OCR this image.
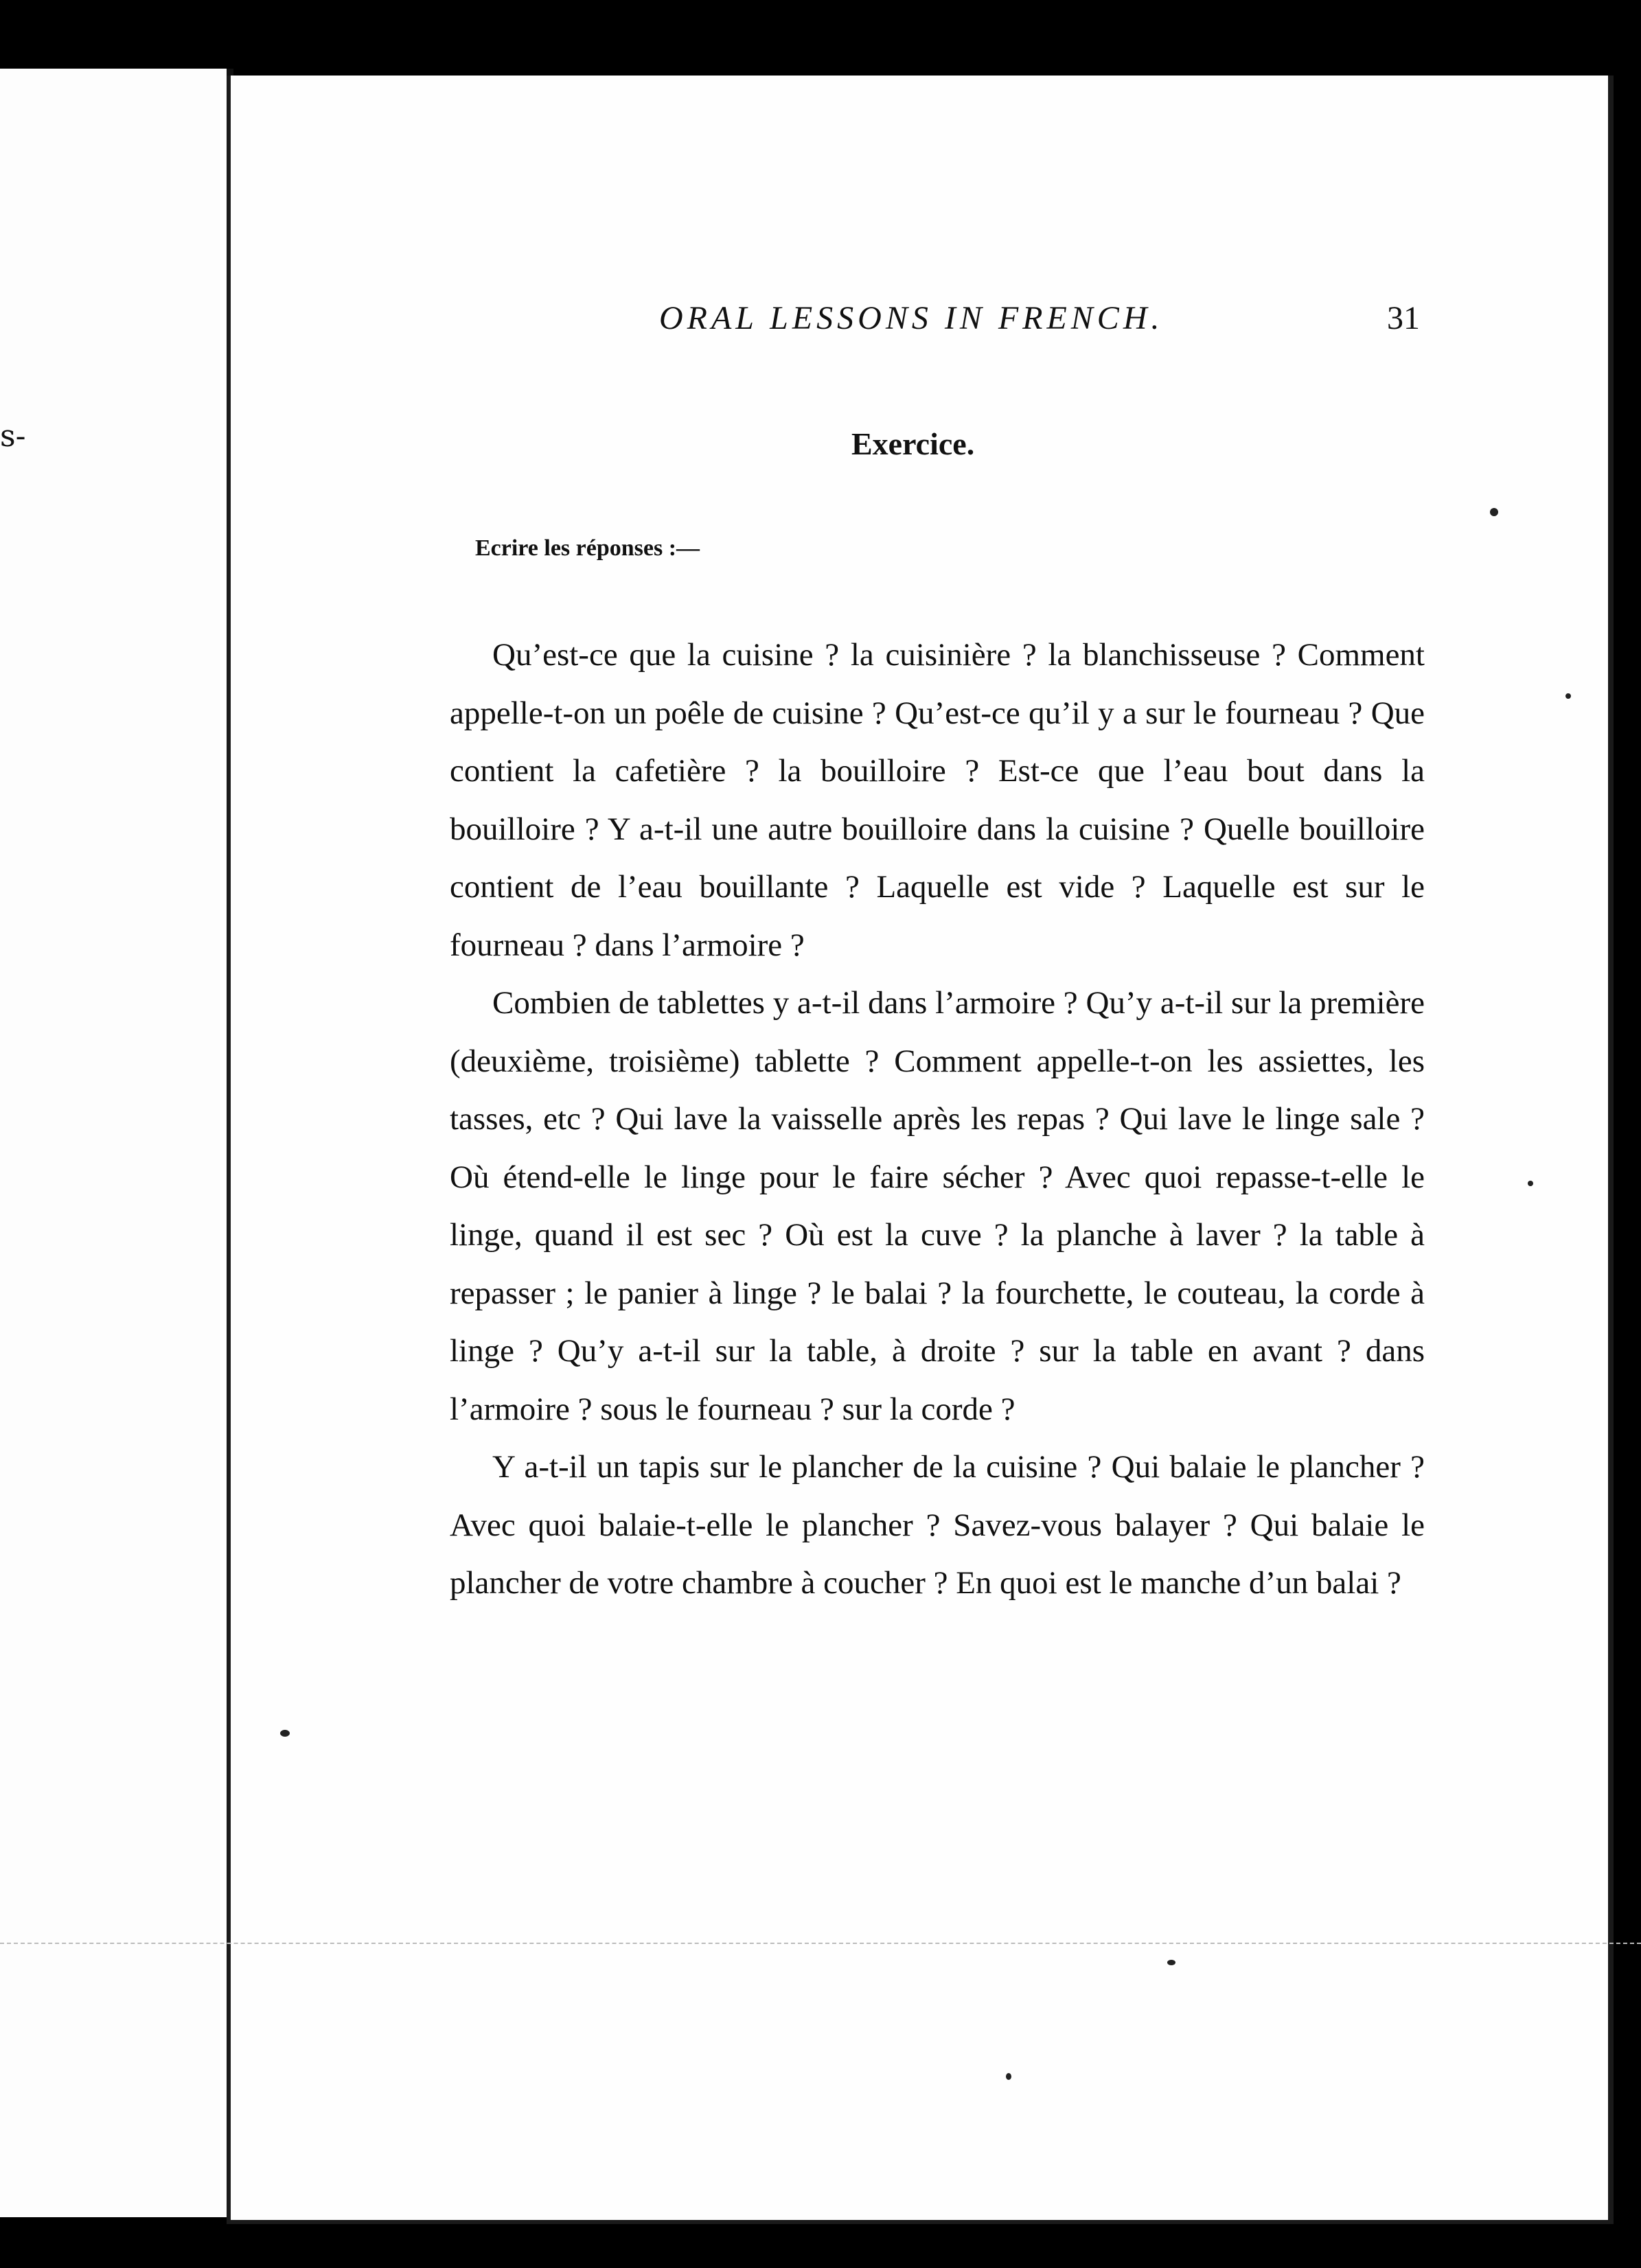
s-
ORAL LESSONS IN FRENCH.	31
Exercice.
Ecrire les réponses :—

Qu’est-ce que la cuisine ? la cuisinière ? la blanchisseuse ? Comment appelle-t-on un poêle de cuisine ? Qu’est-ce qu’il y a sur le fourneau ? Que contient la cafetière ? la bouilloire ? Est-ce que l’eau bout dans la bouilloire ? Y a-t-il une autre bouilloire dans la cuisine ? Quelle bouilloire contient de l’eau bouillante ? Laquelle est vide ? Laquelle est sur le fourneau ? dans l’armoire ?

Combien de tablettes y a-t-il dans l’armoire ? Qu’y a-t-il sur la première (deuxième, troisième) tablette ? Comment appelle-t-on les assiettes, les tasses, etc ? Qui lave la vaisselle après les repas ? Qui lave le linge sale ? Où étend-elle le linge pour le faire sécher ? Avec quoi repasse-t-elle le linge, quand il est sec ? Où est la cuve ? la planche à laver ? la table à repasser ; le panier à linge ? le balai ? la fourchette, le couteau, la corde à linge ? Qu’y a-t-il sur la table, à droite ? sur la table en avant ? dans l’armoire ? sous le fourneau ? sur la corde ?

Y a-t-il un tapis sur le plancher de la cuisine ? Qui balaie le plancher ? Avec quoi balaie-t-elle le plancher ? Savez-vous balayer ? Qui balaie le plancher de votre chambre à coucher ? En quoi est le manche d’un balai ?
